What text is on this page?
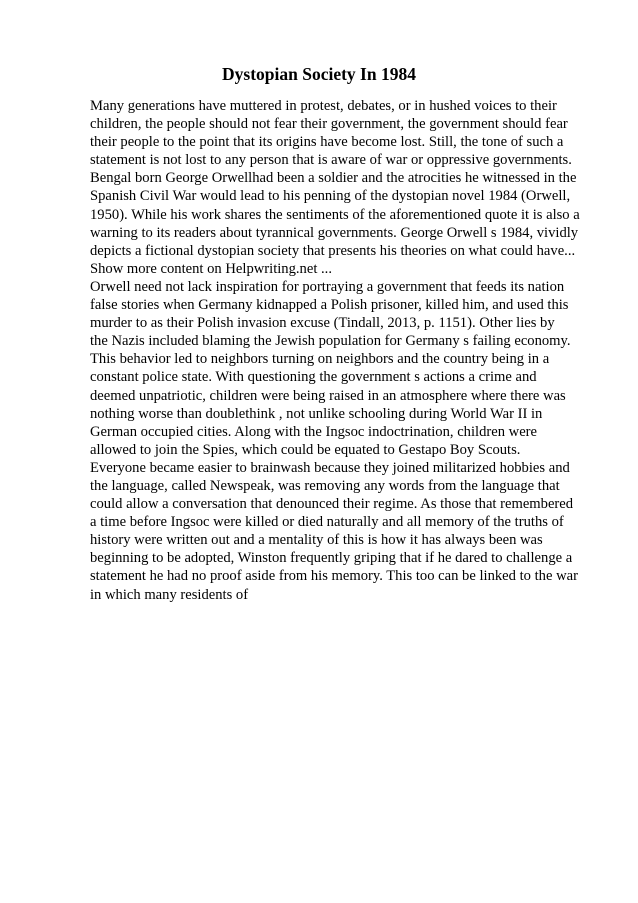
Dystopian Society In 1984
Many generations have muttered in protest, debates, or in hushed voices to their
children, the people should not fear their government, the government should fear
their people to the point that its origins have become lost. Still, the tone of such a
statement is not lost to any person that is aware of war or oppressive governments.
Bengal born George Orwellhad been a soldier and the atrocities he witnessed in the
Spanish Civil War would lead to his penning of the dystopian novel 1984 (Orwell,
1950). While his work shares the sentiments of the aforementioned quote it is also a
warning to its readers about tyrannical governments. George Orwell s 1984, vividly
depicts a fictional dystopian society that presents his theories on what could have...
Show more content on Helpwriting.net ...
Orwell need not lack inspiration for portraying a government that feeds its nation
false stories when Germany kidnapped a Polish prisoner, killed him, and used this
murder to as their Polish invasion excuse (Tindall, 2013, p. 1151). Other lies by
the Nazis included blaming the Jewish population for Germany s failing economy.
This behavior led to neighbors turning on neighbors and the country being in a
constant police state. With questioning the government s actions a crime and
deemed unpatriotic, children were being raised in an atmosphere where there was
nothing worse than doublethink , not unlike schooling during World War II in
German occupied cities. Along with the Ingsoc indoctrination, children were
allowed to join the Spies, which could be equated to Gestapo Boy Scouts.
Everyone became easier to brainwash because they joined militarized hobbies and
the language, called Newspeak, was removing any words from the language that
could allow a conversation that denounced their regime. As those that remembered
a time before Ingsoc were killed or died naturally and all memory of the truths of
history were written out and a mentality of this is how it has always been was
beginning to be adopted, Winston frequently griping that if he dared to challenge a
statement he had no proof aside from his memory. This too can be linked to the war
in which many residents of
